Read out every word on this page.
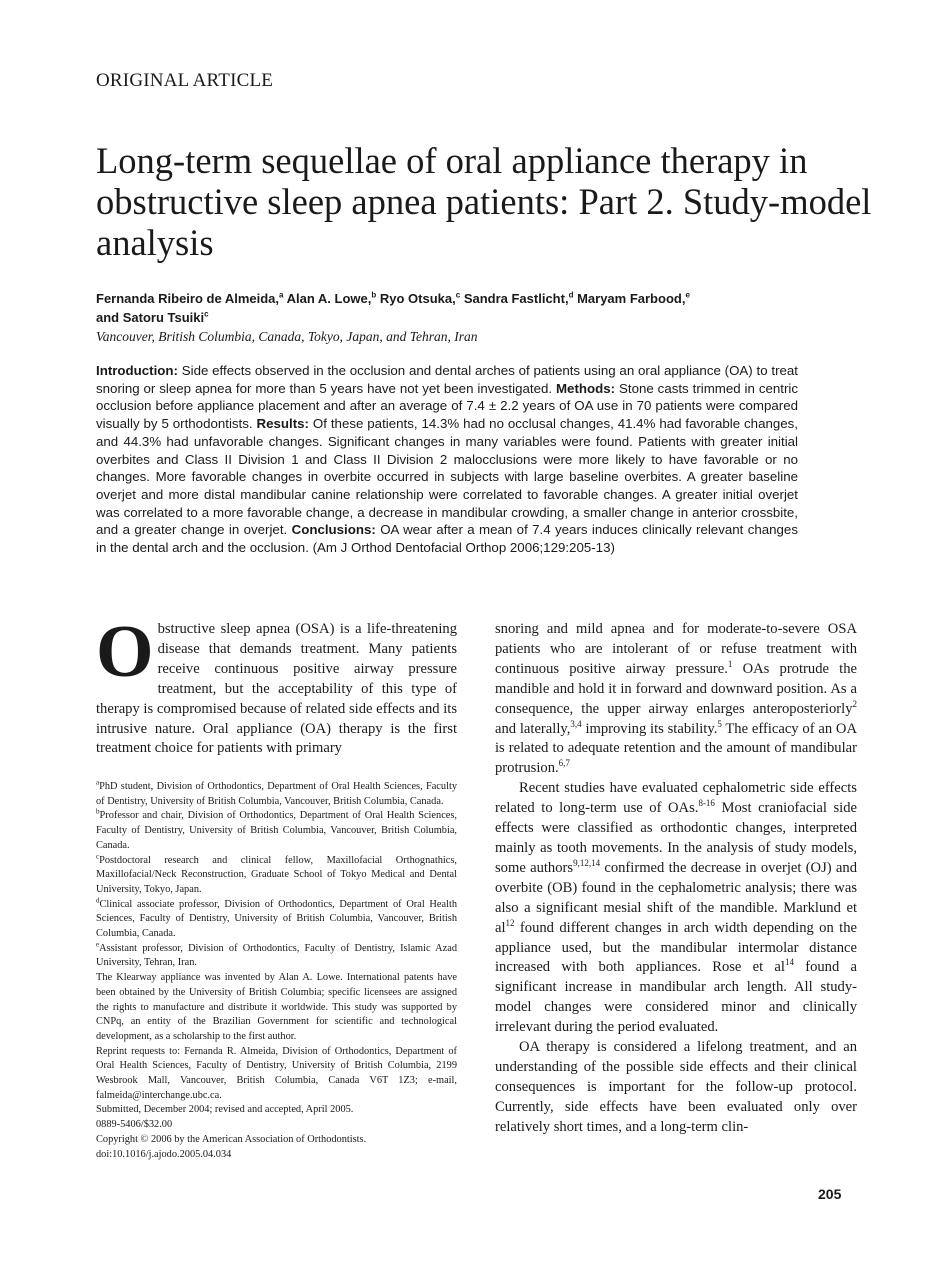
ORIGINAL ARTICLE
Long-term sequellae of oral appliance therapy in obstructive sleep apnea patients: Part 2. Study-model analysis
Fernanda Ribeiro de Almeida,$^a$ Alan A. Lowe,$^b$ Ryo Otsuka,$^c$ Sandra Fastlicht,$^d$ Maryam Farbood,$^e$
and Satoru Tsuiki$^c$
Vancouver, British Columbia, Canada, Tokyo, Japan, and Tehran, Iran

Introduction: Side effects observed in the occlusion and dental arches of patients using an oral appliance (OA) to treat snoring or sleep apnea for more than 5 years have not yet been investigated. Methods: Stone casts trimmed in centric occlusion before appliance placement and after an average of 7.4 ± 2.2 years of OA use in 70 patients were compared visually by 5 orthodontists. Results: Of these patients, 14.3% had no occlusal changes, 41.4% had favorable changes, and 44.3% had unfavorable changes. Significant changes in many variables were found. Patients with greater initial overbites and Class II Division 1 and Class II Division 2 malocclusions were more likely to have favorable or no changes. More favorable changes in overbite occurred in subjects with large baseline overbites. A greater baseline overjet and more distal mandibular canine relationship were correlated to favorable changes. A greater initial overjet was correlated to a more favorable change, a decrease in mandibular crowding, a smaller change in anterior crossbite, and a greater change in overjet. Conclusions: OA wear after a mean of 7.4 years induces clinically relevant changes in the dental arch and the occlusion. (Am J Orthod Dentofacial Orthop 2006;129:205-13)

Obstructive sleep apnea (OSA) is a life-threatening disease that demands treatment. Many patients receive continuous positive airway pressure treatment, but the acceptability of this type of therapy is compromised because of related side effects and its intrusive nature. Oral appliance (OA) therapy is the first treatment choice for patients with primary

$^a$PhD student, Division of Orthodontics, Department of Oral Health Sciences, Faculty of Dentistry, University of British Columbia, Vancouver, British Columbia, Canada.

$^b$Professor and chair, Division of Orthodontics, Department of Oral Health Sciences, Faculty of Dentistry, University of British Columbia, Vancouver, British Columbia, Canada.

$^c$Postdoctoral research and clinical fellow, Maxillofacial Orthognathics, Maxillofacial/Neck Reconstruction, Graduate School of Tokyo Medical and Dental University, Tokyo, Japan.

$^d$Clinical associate professor, Division of Orthodontics, Department of Oral Health Sciences, Faculty of Dentistry, University of British Columbia, Vancouver, British Columbia, Canada.

$^e$Assistant professor, Division of Orthodontics, Faculty of Dentistry, Islamic Azad University, Tehran, Iran.

The Klearway appliance was invented by Alan A. Lowe. International patents have been obtained by the University of British Columbia; specific licensees are assigned the rights to manufacture and distribute it worldwide. This study was supported by CNPq, an entity of the Brazilian Government for scientific and technological development, as a scholarship to the first author.

Reprint requests to: Fernanda R. Almeida, Division of Orthodontics, Department of Oral Health Sciences, Faculty of Dentistry, University of British Columbia, 2199 Wesbrook Mall, Vancouver, British Columbia, Canada V6T 1Z3; e-mail, falmeida@interchange.ubc.ca.

Submitted, December 2004; revised and accepted, April 2005.

0889-5406/$32.00

Copyright © 2006 by the American Association of Orthodontists.

doi:10.1016/j.ajodo.2005.04.034

snoring and mild apnea and for moderate-to-severe OSA patients who are intolerant of or refuse treatment with continuous positive airway pressure.$^1$ OAs protrude the mandible and hold it in forward and downward position. As a consequence, the upper airway enlarges anteroposteriorly$^2$ and laterally,$^{3,4}$ improving its stability.$^5$ The efficacy of an OA is related to adequate retention and the amount of mandibular protrusion.$^{6,7}$

Recent studies have evaluated cephalometric side effects related to long-term use of OAs.$^{8-16}$ Most craniofacial side effects were classified as orthodontic changes, interpreted mainly as tooth movements. In the analysis of study models, some authors$^{9,12,14}$ confirmed the decrease in overjet (OJ) and overbite (OB) found in the cephalometric analysis; there was also a significant mesial shift of the mandible. Marklund et al$^{12}$ found different changes in arch width depending on the appliance used, but the mandibular intermolar distance increased with both appliances. Rose et al$^{14}$ found a significant increase in mandibular arch length. All study-model changes were considered minor and clinically irrelevant during the period evaluated.

OA therapy is considered a lifelong treatment, and an understanding of the possible side effects and their clinical consequences is important for the follow-up protocol. Currently, side effects have been evaluated only over relatively short times, and a long-term clin-

205
